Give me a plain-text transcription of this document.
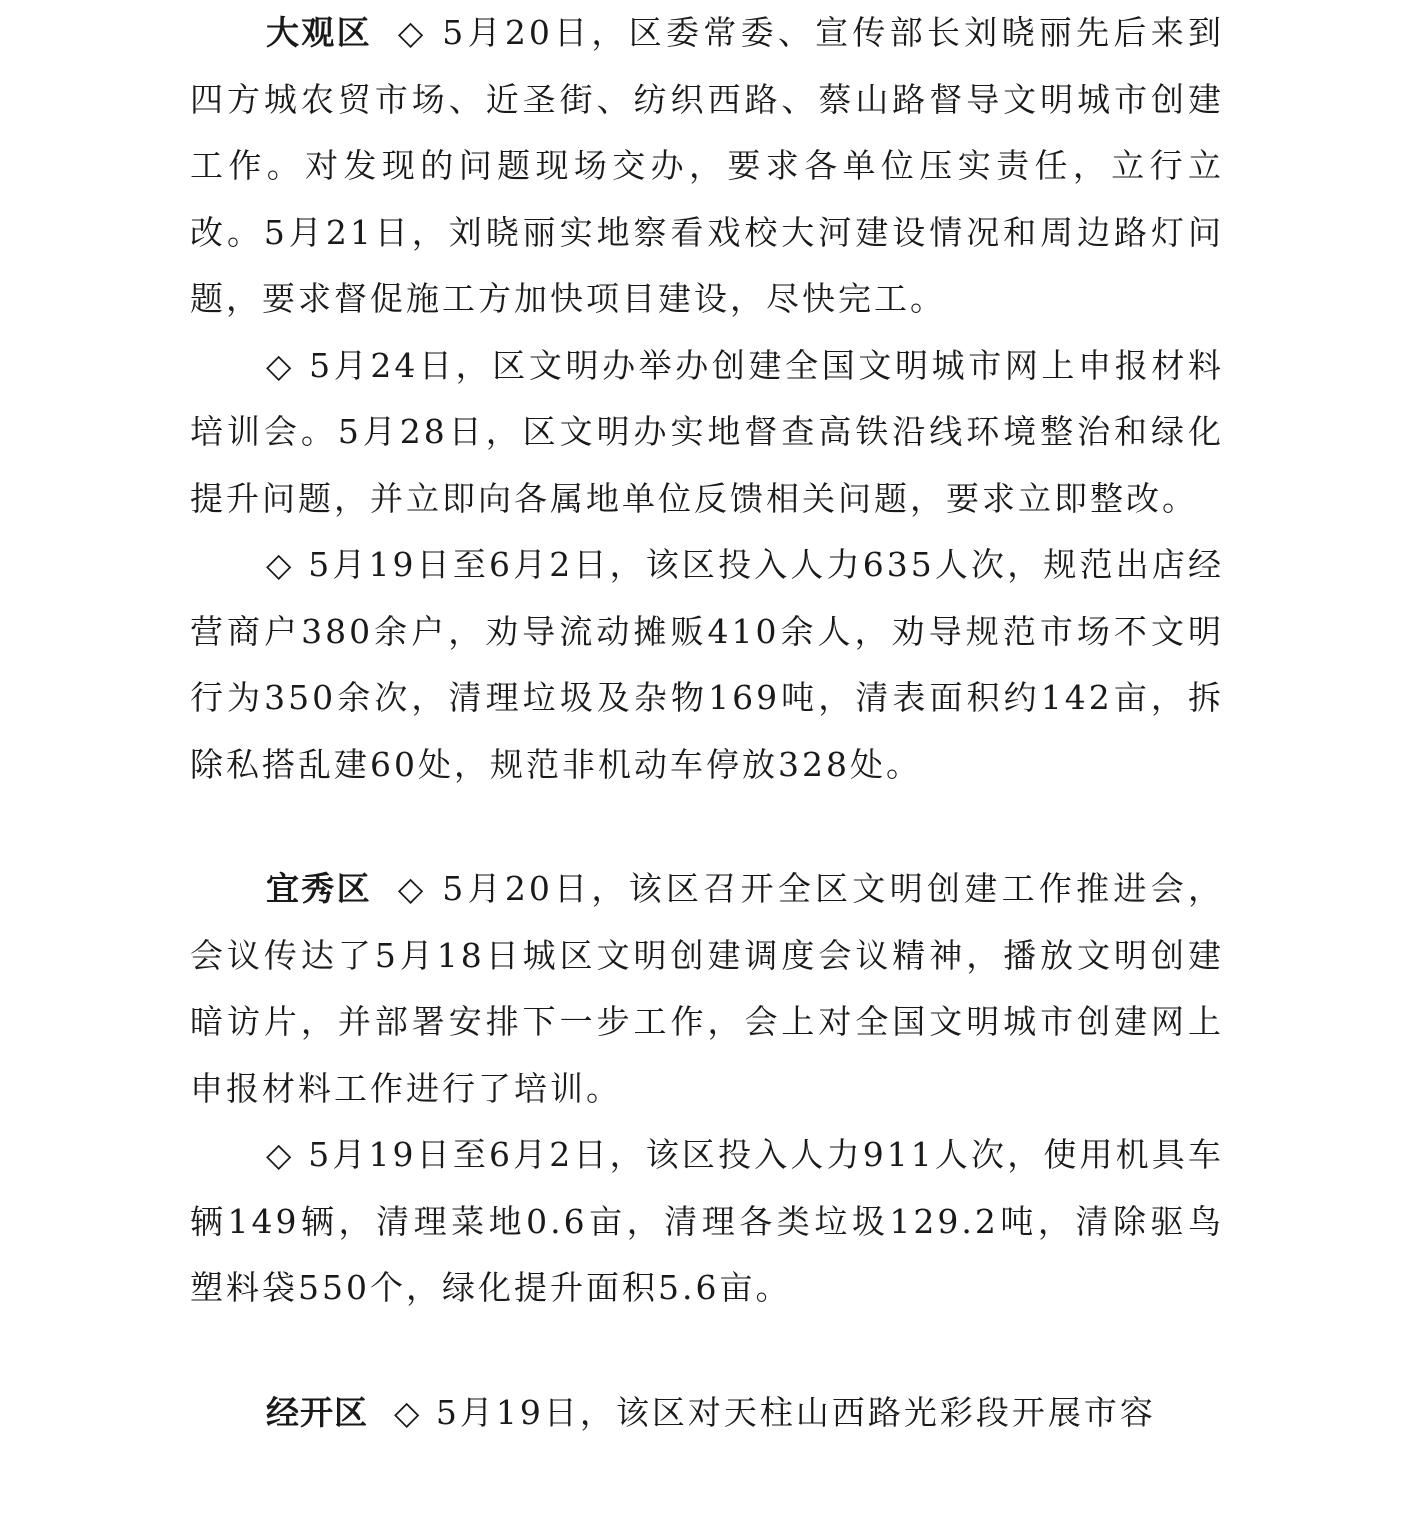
大观区 ◇ 5月20日，区委常委、宣传部长刘晓丽先后来到四方城农贸市场、近圣街、纺织西路、蔡山路督导文明城市创建工作。对发现的问题现场交办，要求各单位压实责任，立行立改。5月21日，刘晓丽实地察看戏校大河建设情况和周边路灯问题，要求督促施工方加快项目建设，尽快完工。

◇ 5月24日，区文明办举办创建全国文明城市网上申报材料培训会。5月28日，区文明办实地督查高铁沿线环境整治和绿化提升问题，并立即向各属地单位反馈相关问题，要求立即整改。

◇ 5月19日至6月2日，该区投入人力635人次，规范出店经营商户380余户，劝导流动摊贩410余人，劝导规范市场不文明行为350余次，清理垃圾及杂物169吨，清表面积约142亩，拆除私搭乱建60处，规范非机动车停放328处。

宜秀区 ◇ 5月20日，该区召开全区文明创建工作推进会，会议传达了5月18日城区文明创建调度会议精神，播放文明创建暗访片，并部署安排下一步工作，会上对全国文明城市创建网上申报材料工作进行了培训。

◇ 5月19日至6月2日，该区投入人力911人次，使用机具车辆149辆，清理菜地0.6亩，清理各类垃圾129.2吨，清除驱鸟塑料袋550个，绿化提升面积5.6亩。

经开区 ◇ 5月19日，该区对天柱山西路光彩段开展市容
